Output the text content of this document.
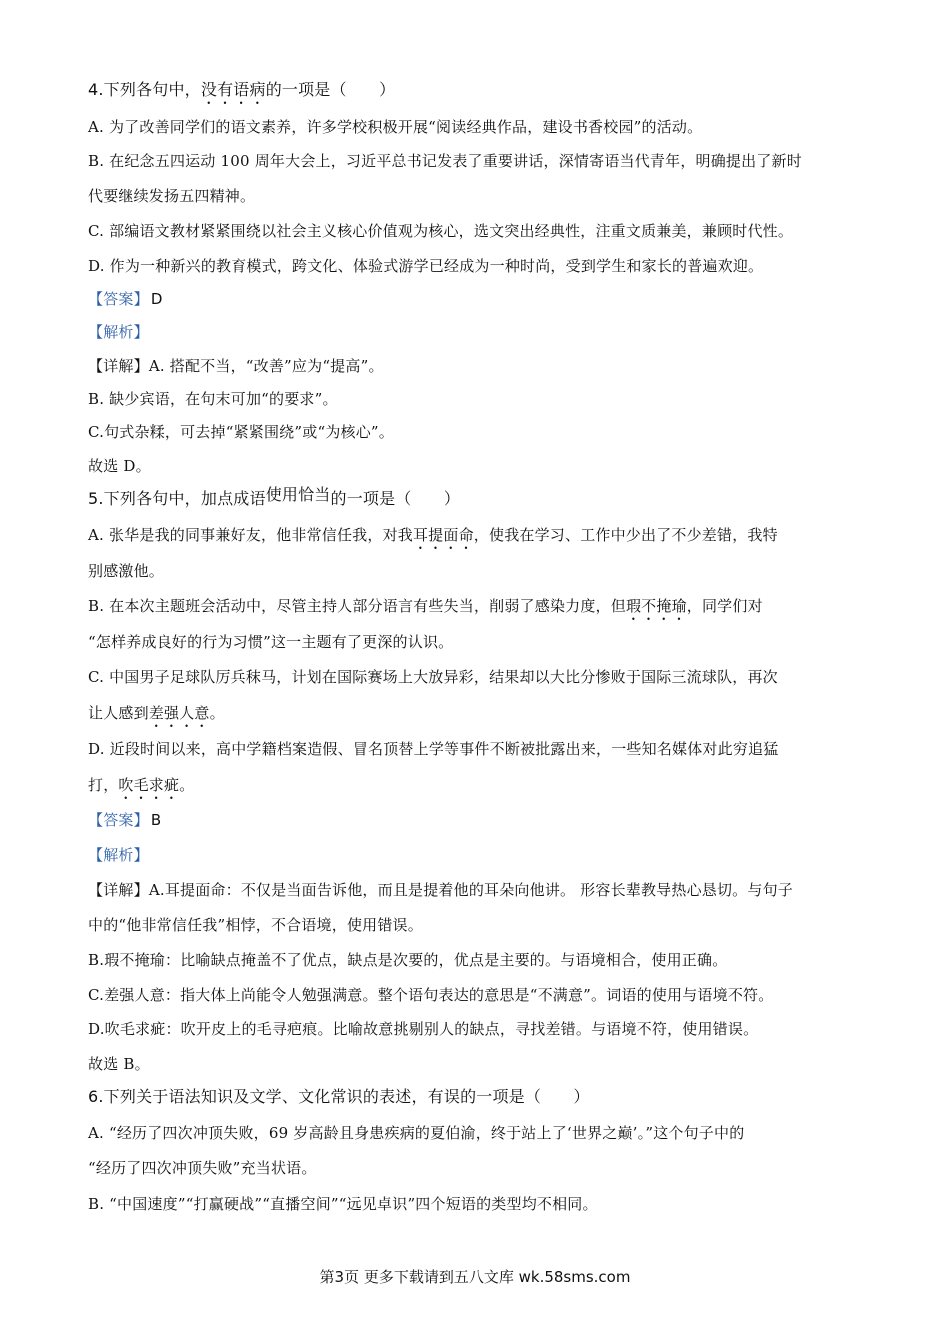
4.下列各句中，没有语病的一项是（　　）
A. 为了改善同学们的语文素养，许多学校积极开展“阅读经典作品，建设书香校园”的活动。
B. 在纪念五四运动 100 周年大会上，习近平总书记发表了重要讲话，深情寄语当代青年，明确提出了新时
代要继续发扬五四精神。
C. 部编语文教材紧紧围绕以社会主义核心价值观为核心，选文突出经典性，注重文质兼美，兼顾时代性。
D. 作为一种新兴的教育模式，跨文化、体验式游学已经成为一种时尚，受到学生和家长的普遍欢迎。
【答案】 D
【解析】
【详解】A. 搭配不当，“改善”应为“提高”。
B. 缺少宾语，在句末可加“的要求”。
C.句式杂糅，可去掉“紧紧围绕”或“为核心”。
故选 D。
5.下列各句中，加点成语使用恰当的一项是（　　）
A. 张华是我的同事兼好友，他非常信任我，对我耳提面命，使我在学习、工作中少出了不少差错，我特
别感激他。
B. 在本次主题班会活动中，尽管主持人部分语言有些失当，削弱了感染力度，但瑕不掩瑜，同学们对
“怎样养成良好的行为习惯”这一主题有了更深的认识。
C. 中国男子足球队厉兵秣马，计划在国际赛场上大放异彩，结果却以大比分惨败于国际三流球队，再次
让人感到差强人意。
D. 近段时间以来，高中学籍档案造假、冒名顶替上学等事件不断被批露出来，一些知名媒体对此穷追猛
打，吹毛求疵。
【答案】 B
【解析】
【详解】A.耳提面命：不仅是当面告诉他，而且是提着他的耳朵向他讲。 形容长辈教导热心恳切。与句子
中的“他非常信任我”相悖，不合语境，使用错误。
B.瑕不掩瑜：比喻缺点掩盖不了优点，缺点是次要的，优点是主要的。与语境相合，使用正确。
C.差强人意：指大体上尚能令人勉强满意。整个语句表达的意思是“不满意”。词语的使用与语境不符。
D.吹毛求疵：吹开皮上的毛寻疤痕。比喻故意挑剔别人的缺点，寻找差错。与语境不符，使用错误。
故选 B。
6.下列关于语法知识及文学、文化常识的表述，有误的一项是（　　）
A. “经历了四次冲顶失败，69 岁高龄且身患疾病的夏伯渝，终于站上了‘世界之巅’。”这个句子中的
“经历了四次冲顶失败”充当状语。
B. “中国速度”“打赢硬战”“直播空间”“远见卓识”四个短语的类型均不相同。
第3页 更多下载请到五八文库 wk.58sms.com
